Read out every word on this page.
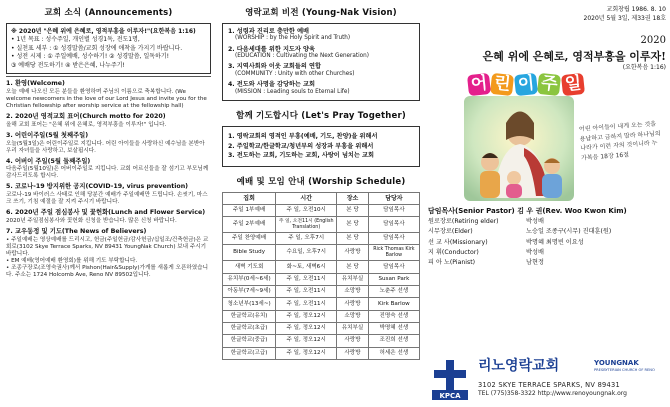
교회 소식 (Announcements)

※ 2020년 "은혜 위에 은혜로, 영적부흥을 이루자!"(요한복음 1:16)

• 1년 목표 : 성수주일, 개인별 성경1독, 전도1명,

• 실천표 세부 : ① 성경말씀/교회 성장에 애착을 가지기 바랍니다.

• 성전 시제 : ① 주일예배, 성수하기! ② 성경말씀, 일독하기!

③ 예배당 전도하기! ④ 받은은혜, 나누주기!

1. 환영(Welcome)
오늘 예배 나오신 모든 분들을 환영하며 주님의 이름으로 축복합니다. (We welcome newcomers in the love of our Lord Jesus and invite you for the Christian fellowship after worship service at the fellowship hall)
2. 2020년 영적교회 표어(Church motto for 2020)
올해 교회 표어는 "은혜 위에 은혜로, 영적부흥을 이루자!" 입니다.
3. 어린이주일(5월 첫째주일)
오늘(5월3일)은 어린이주일로 지킵니다. 어린 아이들을 사랑하신 예수님을 본받아 우리 자녀들을 사랑하고, 보살핍시다.
4. 어버이 주일(5월 둘째주일)
다음주일(5월10일)은 어버이주일로 지킵니다. 교회 어르신들을 잘 섬기고 부모님께 감사드리도록 합시다.
5. 코로나-19 방지위한 공지(COVID-19, virus prevention)
코로나-19 바이러스 사태로 인해 당분간 예배가 주일예배만 드립니다. 손씻기, 마스크 쓰기, 기침 예절을 잘 지켜 주시기 바랍니다.
6. 2020년 주일 점심봉사 및 꽃헌화(Lunch and Flower Service)
2020년 주일점심봉사와 꽃헌화 신청을 받습니다. 많은 신청 바랍니다.
7. 교우동정 및 기도(The News of Believers)
• 주일예배는 영상예배를 드리시고, 헌금(주일헌금/감사헌금/십일조/건축헌금)은 교회로(3102 Skye Terrace Sparks, NV 89431 YoungNak Church) 보내 주시기 바랍니다.
• EM 예배(영어예배 환영회)를 위해 기도 부탁합니다.
• 조종구장로(조영숙권사)께서 Pishon(Hair&Supply)가게를 새롭게 오픈하였습니다. 주소는 1724 Holcomb Ave, Reno NV 89502입니다.
영락교회 비전 (Young-Nak Vision)
1. 성령과 진리로 충만한 예배
(WORSHIP : by the Holy Spirit and Truth)
2. 다음세대를 위한 지도자 양육
(EDUCATION : Cultivating the Next Generation)
3. 지역사회와 이웃 교회들의 연합
(COMMUNITY : Unity with other Churches)
4. 전도와 사명을 감당하는 교회
(MISSION : Leading souls to Eternal Life)
함께 기도합시다 (Let's Pray Together)
1. 영락교회의 영적인 부흥(예배, 기도, 찬양)을 위해서
2. 주일학교/한글학교/청년부의 성장과 부흥을 위해서
3. 전도하는 교회, 기도하는 교회, 사랑이 넘치는 교회
예배 및 모임 안내 (Worship Schedule)
집회	시간	장소	담당자
주일 1부예배	주 일, 오전10시	본 당	담임목사
주일 2부예배	주 일, 오전11시 (English Translation)	본 당	담임목사
주일 찬양예배	주 일, 오후7시	본 당	담임목사
Bible Study	수요일, 오후7시	사랑방	Rick Thomas Kirk Barlow
새벽 기도회	화~토, 새벽6시	본 당	담임목사
유치부(0세~6세)	주 일, 오전11시	유치부실	Susan Park
아동부(7세~9세)	주 일, 오전11시	소망방	노춘주 선생
청소년부(13세~)	주 일, 오전11시	사랑방	Kirk Barlow
한글학교(유치)	주 일, 정오12시	소망방	진명숙 선생
한글학교(초급)	주 일, 정오12시	유치부실	박명혜 선생
한글학교(중급)	주 일, 정오12시	사랑방	조진희 선생
한글학교(고급)	주 일, 정오12시	사랑방	허세은 선생
교회창립 1986. 8. 10
2020년 5월 3일, 제33권 18호
2020
은혜 위에 은혜로, 영적부흥을 이루자!
(요한복음 1:16)
어 린 이 주 일
어린 아이들이 내게 오는 것을 용납하고 금하지 말라 하나님의 나라가 이런 자의 것이니라 누가복음 18장 16절
담임목사(Senior Pastor) 김 우 권(Rev. Woo Kwon Kim)
원로장로(Retiring elder)	박성배
시무장로(Elder)	노승일 조종구(시무) 진대훈(원)
선 교 사(Missionary)	박명혜 최명빈 이요성
지 휘(Conductor)	박성배
피 아 노(Pianist)	남현정
KPCA
리노영락교회	YOUNGNAK
PRESBYTERIAN CHURCH OF RENO
3102 SKYE TERRACE SPARKS, NV 89431
TEL (775)358-3322 http://www.renoyoungnak.org
